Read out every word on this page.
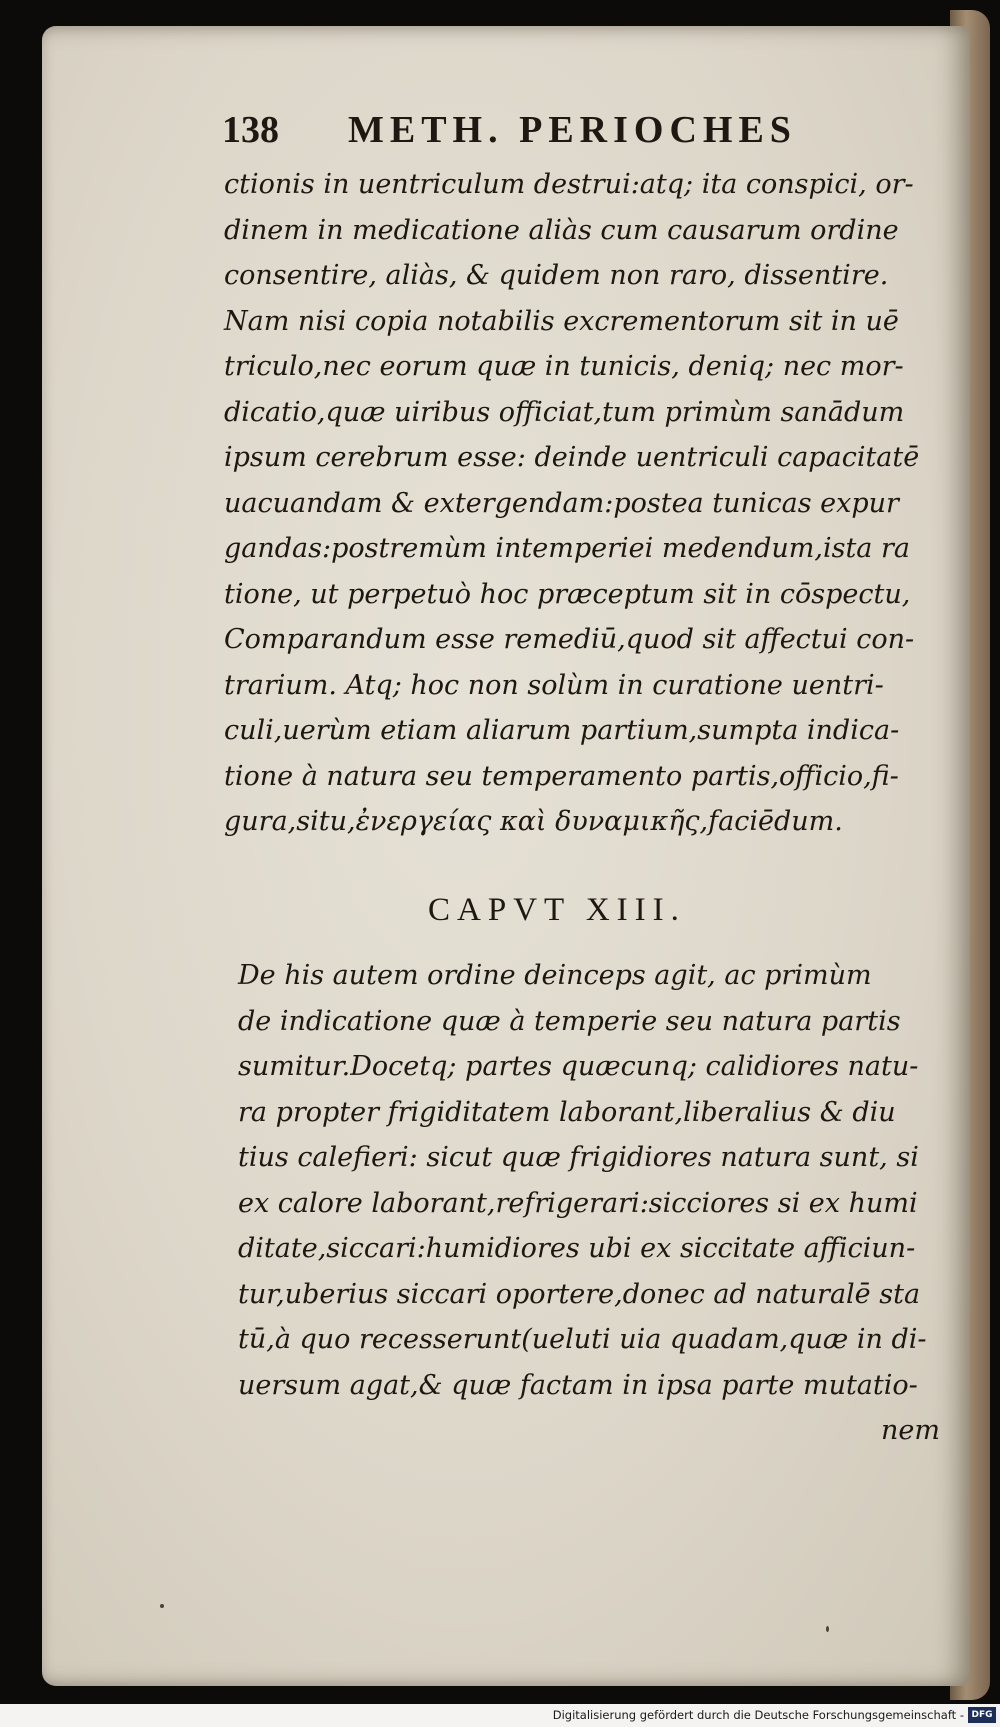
138 METH. PERIOCHES
ctionis in uentriculum destrui:atq; ita conspici, or-
dinem in medicatione aliàs cum causarum ordine
consentire, aliàs, & quidem non raro, dissentire.
Nam nisi copia notabilis excrementorum sit in uē
triculo,nec eorum quæ in tunicis, deniq; nec mor-
dicatio,quæ uiribus officiat,tum primùm sanādum
ipsum cerebrum esse: deinde uentriculi capacitatē
uacuandam & extergendam:postea tunicas expur
gandas:postremùm intemperiei medendum,ista ra
tione, ut perpetuò hoc præceptum sit in cōspectu,
Comparandum esse remediū,quod sit affectui con-
trarium. Atq; hoc non solùm in curatione uentri-
culi,uerùm etiam aliarum partium,sumpta indica-
tione à natura seu temperamento partis,officio,fi-
gura,situ,ἐνεργείας καὶ δυναμικῆς,faciēdum.
CAPVT XIII.
De his autem ordine deinceps agit, ac primùm
de indicatione quæ à temperie seu natura partis
sumitur.Docetq; partes quæcunq; calidiores natu-
ra propter frigiditatem laborant,liberalius & diu
tius calefieri: sicut quæ frigidiores natura sunt, si
ex calore laborant,refrigerari:sicciores si ex humi
ditate,siccari:humidiores ubi ex siccitate afficiun-
tur,uberius siccari oportere,donec ad naturalē sta
tū,à quo recesserunt(ueluti uia quadam,quæ in di-
uersum agat,& quæ factam in ipsa parte mutatio-
nem
Digitalisierung gefördert durch die Deutsche Forschungsgemeinschaft - DFG
